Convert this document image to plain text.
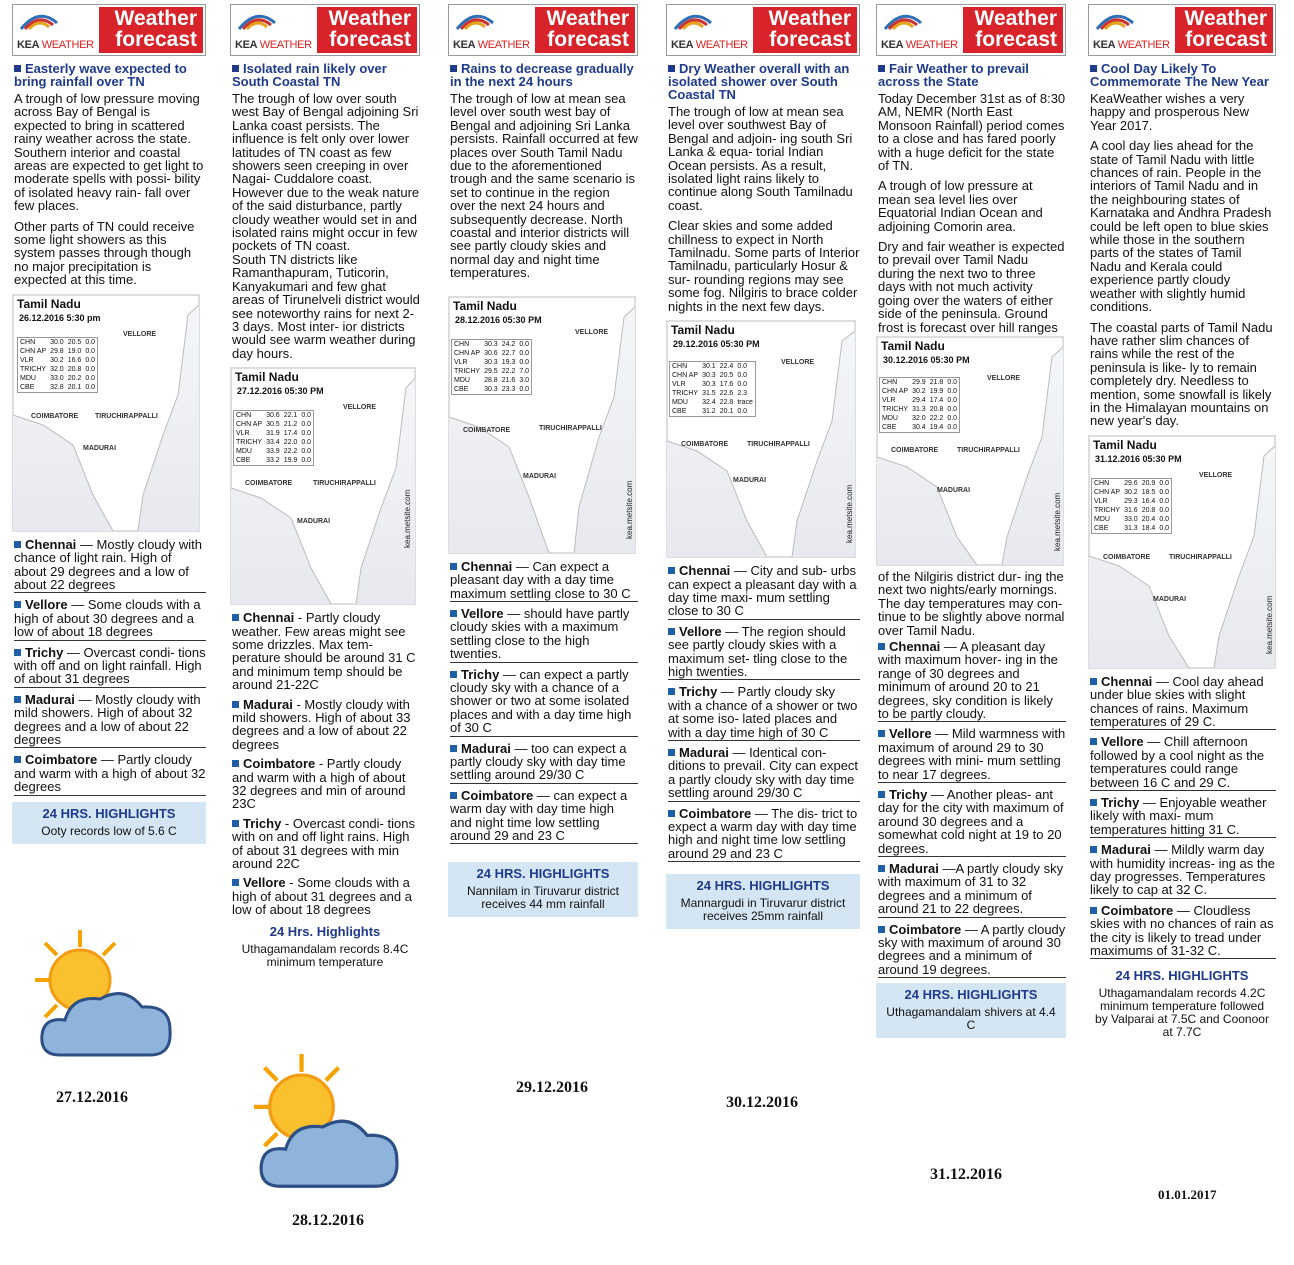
KEA WEATHER
Weather forecast
Easterly wave expected to bring rainfall over TN
A trough of low pressure moving across Bay of Bengal is expected to bring in scattered rainy weather across the state. Southern interior and coastal areas are expected to get light to moderate spells with possi- bility of isolated heavy rain- fall over few places.
Other parts of TN could receive some light showers as this system passes through though no major precipitation is expected at this time.
Tamil Nadu
26.12.2016 5:30 pm
CHN	30.0	20.5	0.0
CHN AP	29.8	19.0	0.0
VLR	30.2	16.6	0.0
TRICHY	32.0	20.8	0.0
MDU	33.0	20.2	0.0
CBE	32.8	20.1	0.0
VELLORE
COIMBATORE TIRUCHIRAPPALLI
MADURAI
Chennai — Mostly cloudy with chance of light rain. High of about 29 degrees and a low of about 22 degrees
Vellore — Some clouds with a high of about 30 degrees and a low of about 18 degrees
Trichy — Overcast condi- tions with off and on light rainfall. High of about 31 degrees
Madurai — Mostly cloudy with mild showers. High of about 32 degrees and a low of about 22 degrees
Coimbatore — Partly cloudy and warm with a high of about 32 degrees
24 HRS. HIGHLIGHTS
Ooty records low of 5.6 C
27.12.2016
KEA WEATHER
Weather forecast
Isolated rain likely over South Coastal TN
The trough of low over south west Bay of Bengal adjoining Sri Lanka coast persists. The influence is felt only over lower latitudes of TN coast as few showers seen creeping in over Nagai- Cuddalore coast. However due to the weak nature of the said disturbance, partly cloudy weather would set in and isolated rains might occur in few pockets of TN coast.
South TN districts like Ramanthapuram, Tuticorin, Kanyakumari and few ghat areas of Tirunelveli district would see noteworthy rains for next 2-3 days. Most inter- ior districts would see warm weather during day hours.
Tamil Nadu
27.12.2016 05:30 PM
CHN	30.6	22.1	0.0
CHN AP	30.5	21.2	0.0
VLR	31.9	17.4	0.0
TRICHY	33.4	22.0	0.0
MDU	33.9	22.2	0.0
CBE	33.2	19.9	0.0
VELLORE
COIMBATORE	TIRUCHIRAPPALLI
MADURAI	kea.metsite.com
Chennai - Partly cloudy weather. Few areas might see some drizzles. Max tem- perature should be around 31 C and minimum temp should be around 21-22C
Madurai - Mostly cloudy with mild showers. High of about 33 degrees and a low of about 22 degrees
Coimbatore - Partly cloudy and warm with a high of about 32 degrees and min of around 23C
Trichy - Overcast condi- tions with on and off light rains. High of about 31 degrees with min around 22C
Vellore - Some clouds with a high of about 31 degrees and a low of about 18 degrees
24 Hrs. Highlights
Uthagamandalam records 8.4C minimum temperature
28.12.2016
KEA WEATHER
Weather forecast
Rains to decrease gradually in the next 24 hours
The trough of low at mean sea level over south west bay of Bengal and adjoining Sri Lanka persists. Rainfall occurred at few places over South Tamil Nadu due to the aforementioned trough and the same scenario is set to continue in the region over the next 24 hours and subsequently decrease. North coastal and interior districts will see partly cloudy skies and normal day and night time temperatures.
Tamil Nadu
28.12.2016 05:30 PM
CHN	30.3	24.2	0.0
CHN AP	30.6	22.7	0.0
VLR	30.3	19.3	0.0
TRICHY	29.5	22.2	7.0
MDU	28.8	21.6	3.0
CBE	30.3	23.3	0.0
VELLORE
COIMBATORE	TIRUCHIRAPPALLI
MADURAI
kea.metsite.com
Chennai — Can expect a pleasant day with a day time maximum settling close to 30 C
Vellore — should have partly cloudy skies with a maximum settling close to the high twenties.
Trichy — can expect a partly cloudy sky with a chance of a shower or two at some isolated places and with a day time high of 30 C
Madurai — too can expect a partly cloudy sky with day time settling around 29/30 C
Coimbatore — can expect a warm day with day time high and night time low settling around 29 and 23 C
24 HRS. HIGHLIGHTS
Nannilam in Tiruvarur district receives 44 mm rainfall
29.12.2016
KEA WEATHER
Weather forecast
Dry Weather overall with an isolated shower over South Coastal TN
The trough of low at mean sea level over southwest Bay of Bengal and adjoin- ing south Sri Lanka & equa- torial Indian Ocean persists. As a result, isolated light rains likely to continue along South Tamilnadu coast.
Clear skies and some added chillness to expect in North Tamilnadu. Some parts of Interior Tamilnadu, particularly Hosur & sur- rounding regions may see some fog. Nilgiris to brace colder nights in the next few days.
Tamil Nadu
29.12.2016 05:30 PM
CHN	30.1	22.4	0.0
CHN AP	30.3	20.5	0.0
VLR	30.3	17.6	0.0
TRICHY	31.5	22.6	2.3
MDU	32.4	22.8	trace
CBE	31.2	20.1	0.0
VELLORE
COIMBATORE	TIRUCHIRAPPALLI
MADURAI
kea.metsite.com
Chennai — City and sub- urbs can expect a pleasant day with a day time maxi- mum settling close to 30 C
Vellore — The region should see partly cloudy skies with a maximum set- tling close to the high twenties.
Trichy — Partly cloudy sky with a chance of a shower or two at some iso- lated places and with a day time high of 30 C
Madurai — Identical con- ditions to prevail. City can expect a partly cloudy sky with day time settling around 29/30 C
Coimbatore — The dis- trict to expect a warm day with day time high and night time low settling around 29 and 23 C
24 HRS. HIGHLIGHTS
Mannargudi in Tiruvarur district receives 25mm rainfall
30.12.2016
KEA WEATHER
Weather forecast
Fair Weather to prevail across the State
Today December 31st as of 8:30 AM, NEMR (North East Monsoon Rainfall) period comes to a close and has fared poorly with a huge deficit for the state of TN.
A trough of low pressure at mean sea level lies over Equatorial Indian Ocean and adjoining Comorin area.
Dry and fair weather is expected to prevail over Tamil Nadu during the next two to three days with not much activity going over the waters of either side of the peninsula. Ground frost is forecast over hill ranges
Tamil Nadu
30.12.2016 05:30 PM
CHN	29.9	21.8	0.0
CHN AP	30.2	19.9	0.0
VLR	29.4	17.4	0.0
TRICHY	31.3	20.8	0.0
MDU	32.0	22.2	0.0
CBE	30.4	19.4	0.0
VELLORE
COIMBATORE	TIRUCHIRAPPALLI
MADURAI
kea.metsite.com
of the Nilgiris district dur- ing the next two nights/early mornings. The day temperatures may con- tinue to be slightly above normal over Tamil Nadu.
Chennai — A pleasant day with maximum hover- ing in the range of 30 degrees and minimum of around 20 to 21 degrees, sky condition is likely to be partly cloudy.
Vellore — Mild warmness with maximum of around 29 to 30 degrees with mini- mum settling to near 17 degrees.
Trichy — Another pleas- ant day for the city with maximum of around 30 degrees and a somewhat cold night at 19 to 20 degrees.
Madurai —A partly cloudy sky with maximum of 31 to 32 degrees and a minimum of around 21 to 22 degrees.
Coimbatore — A partly cloudy sky with maximum of around 30 degrees and a minimum of around 19 degrees.
24 HRS. HIGHLIGHTS
Uthagamandalam shivers at 4.4 C
31.12.2016
KEA WEATHER
Weather forecast
Cool Day Likely To Commemorate The New Year
KeaWeather wishes a very happy and prosperous New Year 2017.
A cool day lies ahead for the state of Tamil Nadu with little chances of rain. People in the interiors of Tamil Nadu and in the neighbouring states of Karnataka and Andhra Pradesh could be left open to blue skies while those in the southern parts of the states of Tamil Nadu and Kerala could experience partly cloudy weather with slightly humid conditions.
The coastal parts of Tamil Nadu have rather slim chances of rains while the rest of the peninsula is like- ly to remain completely dry. Needless to mention, some snowfall is likely in the Himalayan mountains on new year's day.
Tamil Nadu
31.12.2016 05:30 PM
CHN	29.6	20.9	0.0
CHN AP	30.2	18.5	0.0
VLR	29.3	16.4	0.0
TRICHY	31.6	20.8	0.0
MDU	33.0	20.4	0.0
CBE	31.3	18.4	0.0
VELLORE
COIMBATORE	TIRUCHIRAPPALLI
MADURAI	kea.metsite.com
Chennai — Cool day ahead under blue skies with slight chances of rains. Maximum temperatures of 29 C.
Vellore — Chill afternoon followed by a cool night as the temperatures could range between 16 C and 29 C.
Trichy — Enjoyable weather likely with maxi- mum temperatures hitting 31 C.
Madurai — Mildly warm day with humidity increas- ing as the day progresses. Temperatures likely to cap at 32 C.
Coimbatore — Cloudless skies with no chances of rain as the city is likely to tread under maximums of 31-32 C.
24 HRS. HIGHLIGHTS
Uthagamandalam records 4.2C minimum temperature followed by Valparai at 7.5C and Coonoor at 7.7C
01.01.2017
